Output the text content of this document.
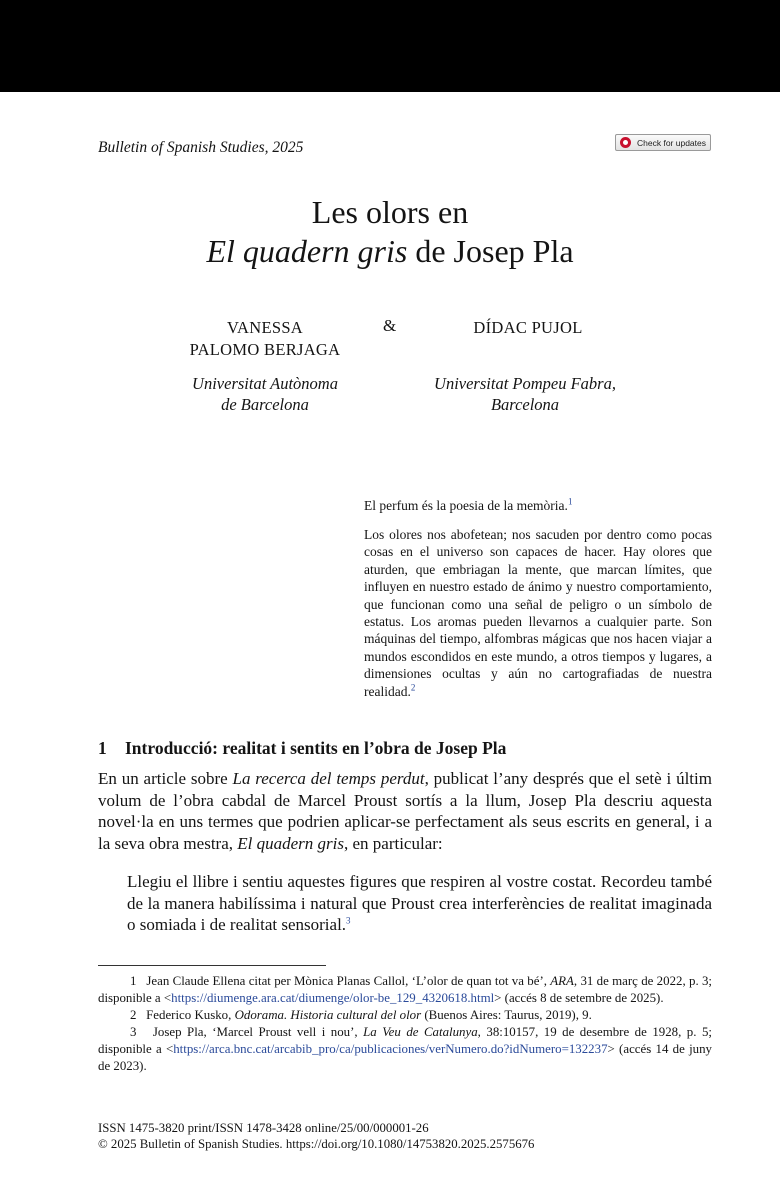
Bulletin of Spanish Studies, 2025	Check for updates
Les olors en
El quadern gris de Josep Pla
VANESSA
PALOMO BERJAGA
&	DÍDAC PUJOL
Universitat Autònoma
de Barcelona
Universitat Pompeu Fabra,
Barcelona
El perfum és la poesia de la memòria.$^1$
Los olores nos abofetean; nos sacuden por dentro como pocas cosas en el universo son capaces de hacer. Hay olores que aturden, que embriagan la mente, que marcan límites, que influyen en nuestro estado de ánimo y nuestro comportamiento, que funcionan como una señal de peligro o un símbolo de estatus. Los aromas pueden llevarnos a cualquier parte. Son máquinas del tiempo, alfombras mágicas que nos hacen viajar a mundos escondidos en este mundo, a otros tiempos y lugares, a dimensiones ocultas y aún no cartografiadas de nuestra realidad.$^2$
1 Introducció: realitat i sentits en l’obra de Josep Pla
En un article sobre La recerca del temps perdut, publicat l’any després que el setè i últim volum de l’obra cabdal de Marcel Proust sortís a la llum, Josep Pla descriu aquesta novel·la en uns termes que podrien aplicar-se perfectament als seus escrits en general, i a la seva obra mestra, El quadern gris, en particular:
Llegiu el llibre i sentiu aquestes figures que respiren al vostre costat. Recordeu també de la manera habilíssima i natural que Proust crea interferències de realitat imaginada o somiada i de realitat sensorial.$^3$
1 Jean Claude Ellena citat per Mònica Planas Callol, ‘L’olor de quan tot va bé’, ARA, 31 de març de 2022, p. 3; disponible a <https://diumenge.ara.cat/diumenge/olor-be_129_4320618.html> (accés 8 de setembre de 2025).
2 Federico Kusko, Odorama. Historia cultural del olor (Buenos Aires: Taurus, 2019), 9.
3 Josep Pla, ‘Marcel Proust vell i nou’, La Veu de Catalunya, 38:10157, 19 de desembre de 1928, p. 5; disponible a <https://arca.bnc.cat/arcabib_pro/ca/publicaciones/verNumero.do?idNumero=132237> (accés 14 de juny de 2023).
ISSN 1475-3820 print/ISSN 1478-3428 online/25/00/000001-26
© 2025 Bulletin of Spanish Studies. https://doi.org/10.1080/14753820.2025.2575676
